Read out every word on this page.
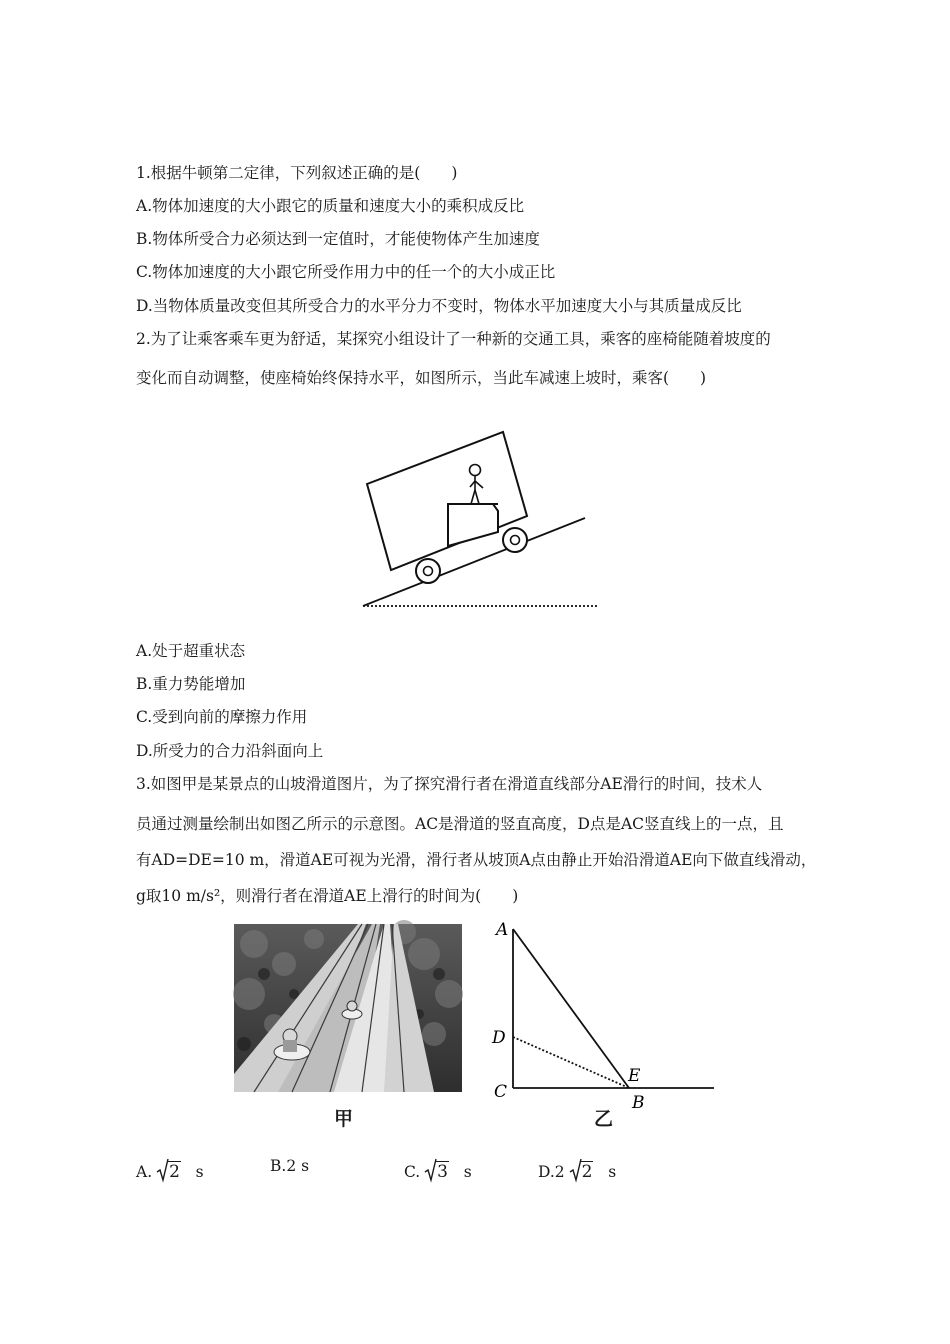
1.根据牛顿第二定律，下列叙述正确的是(　　)
A.物体加速度的大小跟它的质量和速度大小的乘积成反比
B.物体所受合力必须达到一定值时，才能使物体产生加速度
C.物体加速度的大小跟它所受作用力中的任一个的大小成正比
D.当物体质量改变但其所受合力的水平分力不变时，物体水平加速度大小与其质量成反比
2.为了让乘客乘车更为舒适，某探究小组设计了一种新的交通工具，乘客的座椅能随着坡度的
变化而自动调整，使座椅始终保持水平，如图所示，当此车减速上坡时，乘客(　　)
A.处于超重状态
B.重力势能增加
C.受到向前的摩擦力作用
D.所受力的合力沿斜面向上
3.如图甲是某景点的山坡滑道图片，为了探究滑行者在滑道直线部分AE滑行的时间，技术人
员通过测量绘制出如图乙所示的示意图。AC是滑道的竖直高度，D点是AC竖直线上的一点，且
有AD=DE=10 m，滑道AE可视为光滑，滑行者从坡顶A点由静止开始沿滑道AE向下做直线滑动，
g取10 m/s²，则滑行者在滑道AE上滑行的时间为(　　)
甲
A
D
C
E
B
乙
A. 2 s	B.2 s	C. 3 s	D.2 2 s
